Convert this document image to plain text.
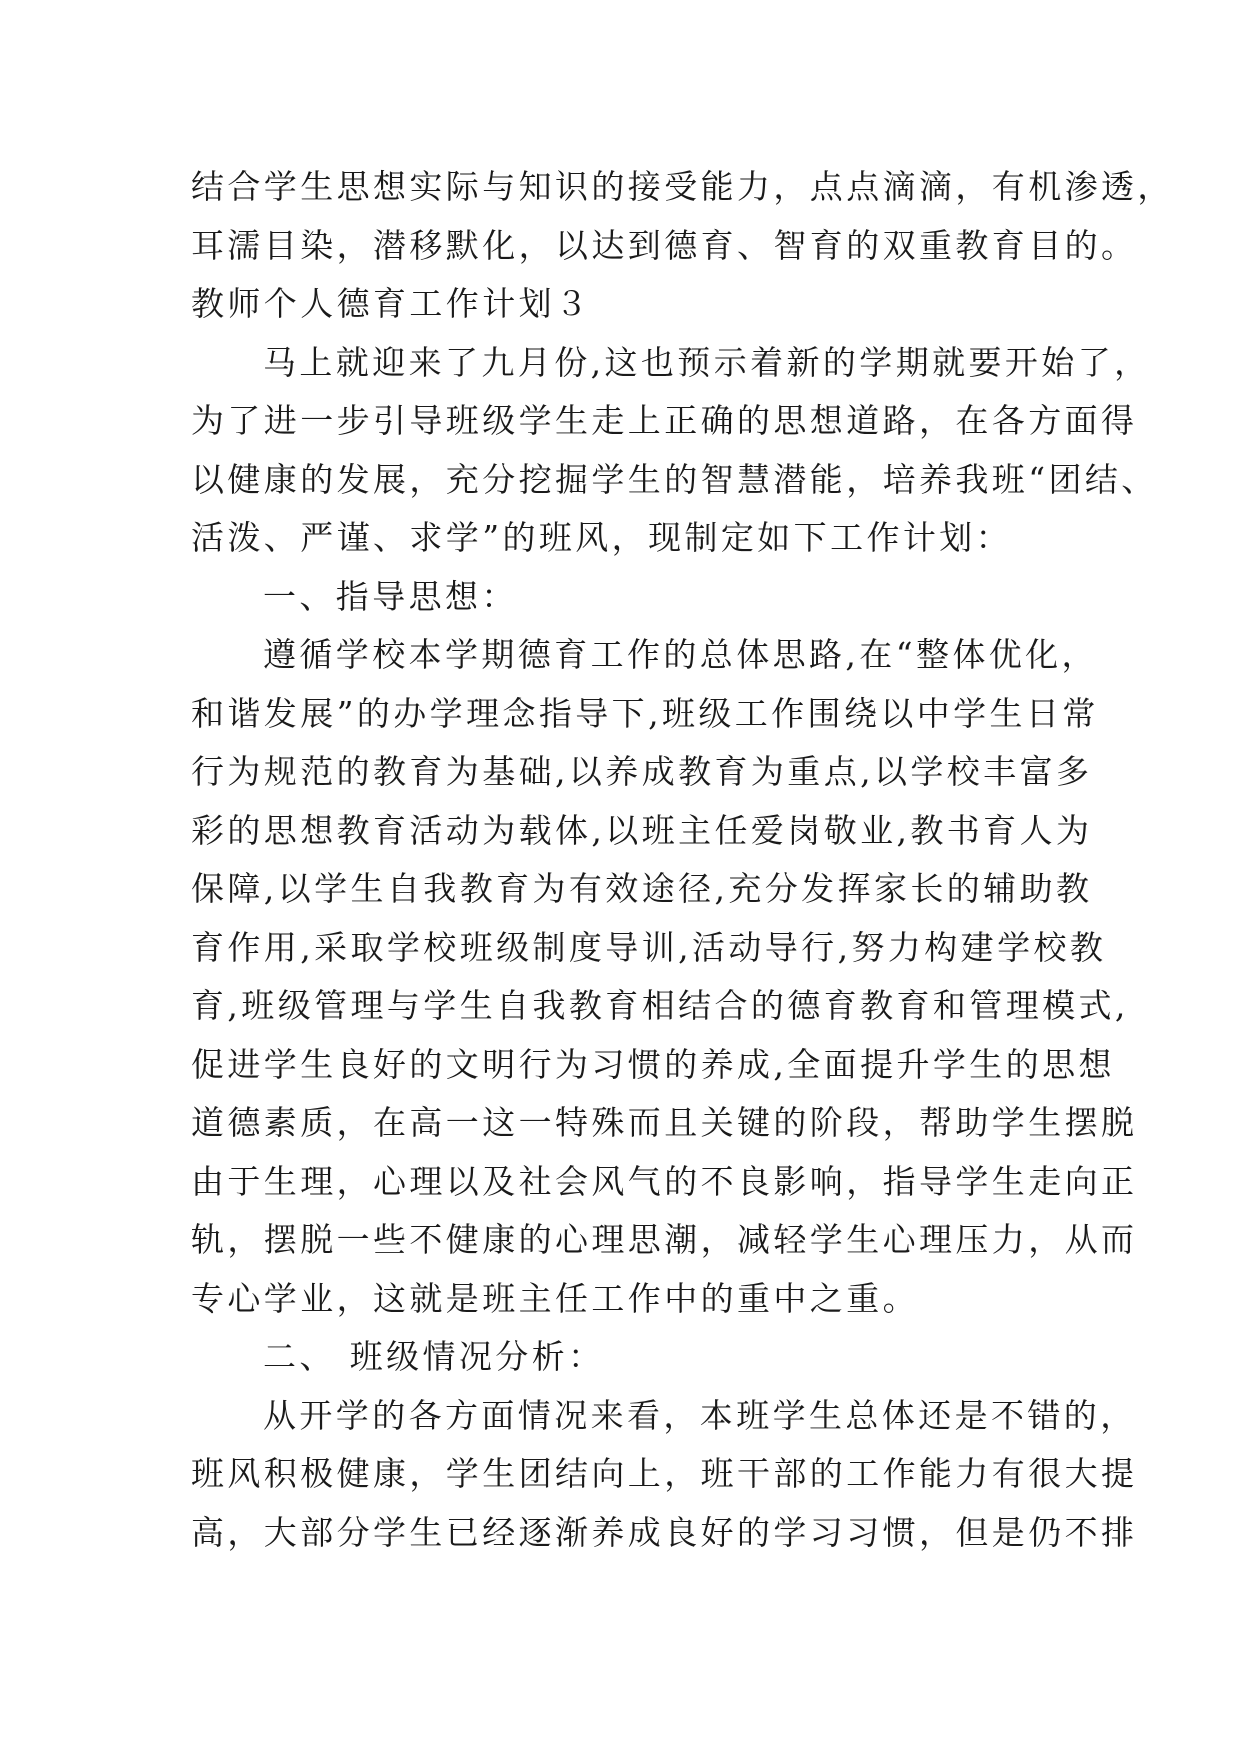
结合学生思想实际与知识的接受能力，点点滴滴，有机渗透，
耳濡目染，潜移默化，以达到德育、智育的双重教育目的。
教师个人德育工作计划３
马上就迎来了九月份,这也预示着新的学期就要开始了，
为了进一步引导班级学生走上正确的思想道路，在各方面得
以健康的发展，充分挖掘学生的智慧潜能，培养我班“团结、
活泼、严谨、求学”的班风，现制定如下工作计划：
一、指导思想：
遵循学校本学期德育工作的总体思路,在“整体优化，
和谐发展”的办学理念指导下,班级工作围绕以中学生日常
行为规范的教育为基础,以养成教育为重点,以学校丰富多
彩的思想教育活动为载体,以班主任爱岗敬业,教书育人为
保障,以学生自我教育为有效途径,充分发挥家长的辅助教
育作用,采取学校班级制度导训,活动导行,努力构建学校教
育,班级管理与学生自我教育相结合的德育教育和管理模式,
促进学生良好的文明行为习惯的养成,全面提升学生的思想
道德素质，在高一这一特殊而且关键的阶段，帮助学生摆脱
由于生理，心理以及社会风气的不良影响，指导学生走向正
轨，摆脱一些不健康的心理思潮，减轻学生心理压力，从而
专心学业，这就是班主任工作中的重中之重。
二、 班级情况分析：
从开学的各方面情况来看，本班学生总体还是不错的，
班风积极健康，学生团结向上，班干部的工作能力有很大提
高，大部分学生已经逐渐养成良好的学习习惯，但是仍不排
